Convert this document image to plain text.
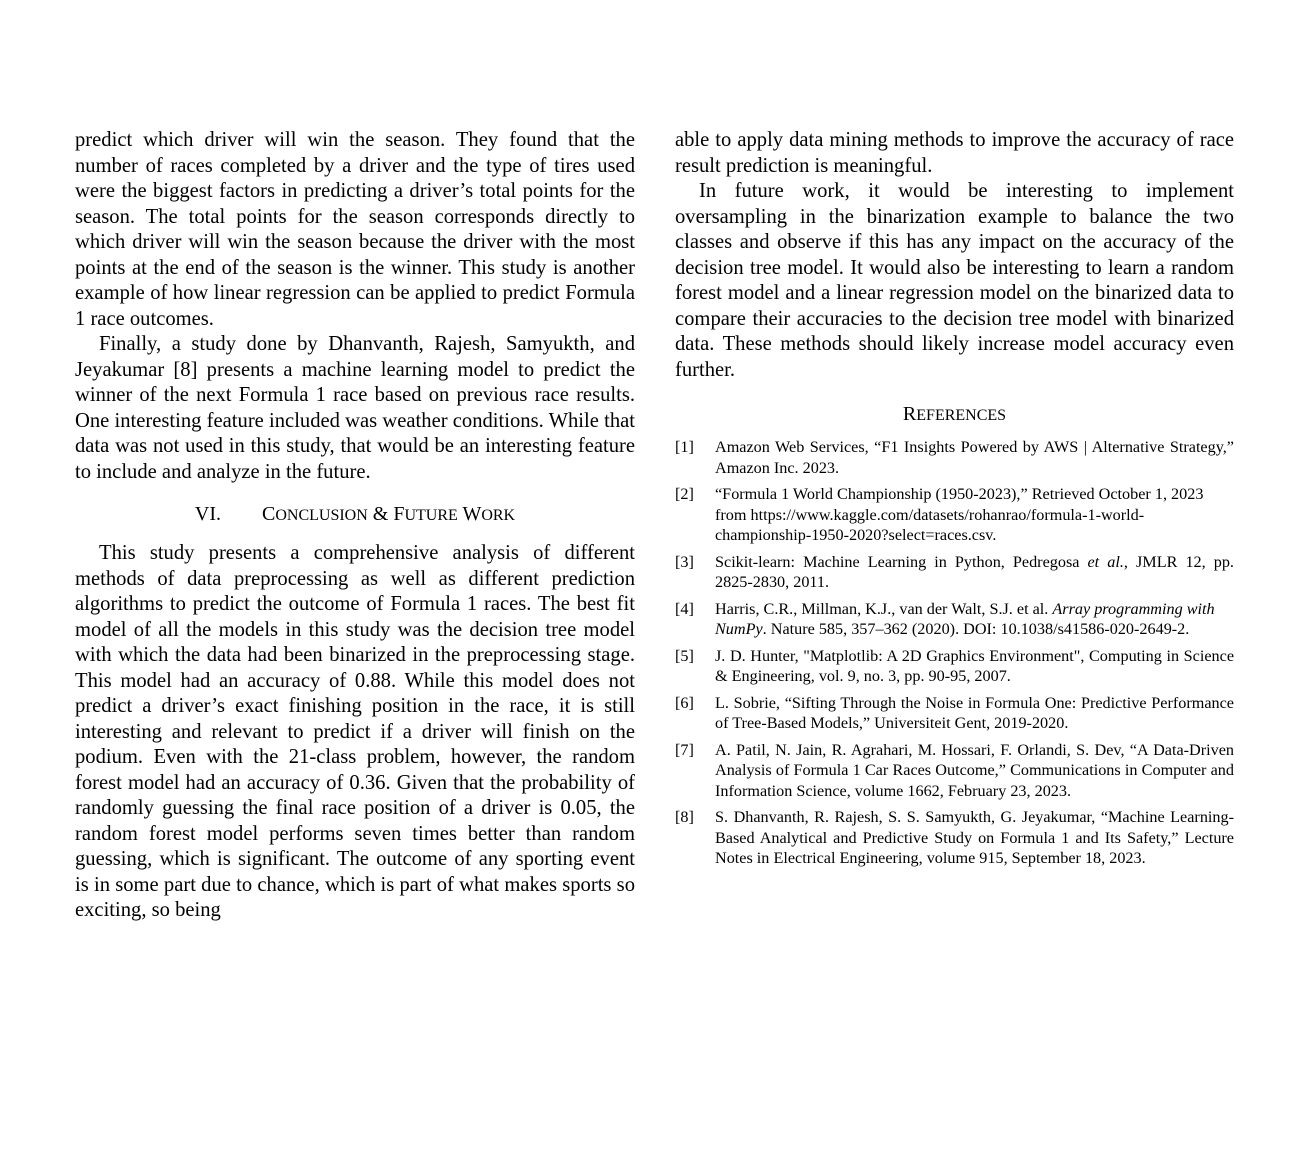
predict which driver will win the season. They found that the number of races completed by a driver and the type of tires used were the biggest factors in predicting a driver’s total points for the season. The total points for the season corresponds directly to which driver will win the season because the driver with the most points at the end of the season is the winner. This study is another example of how linear regression can be applied to predict Formula 1 race outcomes.

Finally, a study done by Dhanvanth, Rajesh, Samyukth, and Jeyakumar [8] presents a machine learning model to predict the winner of the next Formula 1 race based on previous race results. One interesting feature included was weather conditions. While that data was not used in this study, that would be an interesting feature to include and analyze in the future.

VI. CONCLUSION & FUTURE WORK

This study presents a comprehensive analysis of different methods of data preprocessing as well as different prediction algorithms to predict the outcome of Formula 1 races. The best fit model of all the models in this study was the decision tree model with which the data had been binarized in the preprocessing stage. This model had an accuracy of 0.88. While this model does not predict a driver’s exact finishing position in the race, it is still interesting and relevant to predict if a driver will finish on the podium. Even with the 21-class problem, however, the random forest model had an accuracy of 0.36. Given that the probability of randomly guessing the final race position of a driver is 0.05, the random forest model performs seven times better than random guessing, which is significant. The outcome of any sporting event is in some part due to chance, which is part of what makes sports so exciting, so being

able to apply data mining methods to improve the accuracy of race result prediction is meaningful.

In future work, it would be interesting to implement oversampling in the binarization example to balance the two classes and observe if this has any impact on the accuracy of the decision tree model. It would also be interesting to learn a random forest model and a linear regression model on the binarized data to compare their accuracies to the decision tree model with binarized data. These methods should likely increase model accuracy even further.

REFERENCES
[1]	Amazon Web Services, “F1 Insights Powered by AWS | Alternative Strategy,” Amazon Inc. 2023.
[2]	“Formula 1 World Championship (1950-2023),” Retrieved October 1, 2023 from https://www.kaggle.com/datasets/rohanrao/formula-1-world-championship-1950-2020?select=races.csv.
[3]	Scikit-learn: Machine Learning in Python, Pedregosa et al., JMLR 12, pp. 2825-2830, 2011.
[4]	Harris, C.R., Millman, K.J., van der Walt, S.J. et al. Array programming with NumPy. Nature 585, 357–362 (2020). DOI: 10.1038/s41586-020-2649-2.
[5]	J. D. Hunter, "Matplotlib: A 2D Graphics Environment", Computing in Science & Engineering, vol. 9, no. 3, pp. 90-95, 2007.
[6]	L. Sobrie, “Sifting Through the Noise in Formula One: Predictive Performance of Tree-Based Models,” Universiteit Gent, 2019-2020.
[7]	A. Patil, N. Jain, R. Agrahari, M. Hossari, F. Orlandi, S. Dev, “A Data-Driven Analysis of Formula 1 Car Races Outcome,” Communications in Computer and Information Science, volume 1662, February 23, 2023.
[8]	S. Dhanvanth, R. Rajesh, S. S. Samyukth, G. Jeyakumar, “Machine Learning-Based Analytical and Predictive Study on Formula 1 and Its Safety,” Lecture Notes in Electrical Engineering, volume 915, September 18, 2023.
